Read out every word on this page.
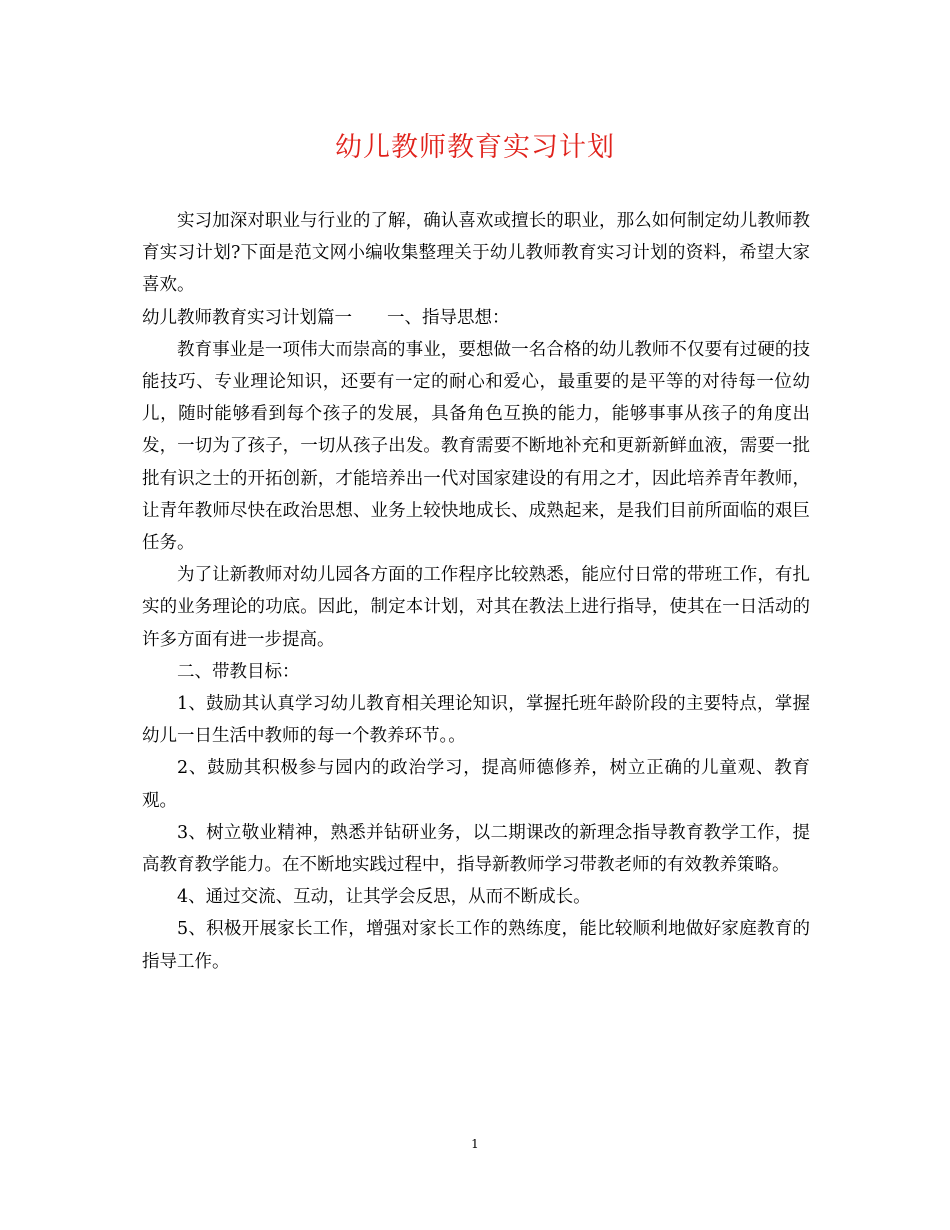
幼儿教师教育实习计划

实习加深对职业与行业的了解，确认喜欢或擅长的职业，那么如何制定幼儿教师教育实习计划?下面是范文网小编收集整理关于幼儿教师教育实习计划的资料，希望大家喜欢。

幼儿教师教育实习计划篇一　　一、指导思想：

教育事业是一项伟大而崇高的事业，要想做一名合格的幼儿教师不仅要有过硬的技能技巧、专业理论知识，还要有一定的耐心和爱心，最重要的是平等的对待每一位幼儿，随时能够看到每个孩子的发展，具备角色互换的能力，能够事事从孩子的角度出发，一切为了孩子，一切从孩子出发。教育需要不断地补充和更新新鲜血液，需要一批批有识之士的开拓创新，才能培养出一代对国家建设的有用之才，因此培养青年教师，让青年教师尽快在政治思想、业务上较快地成长、成熟起来，是我们目前所面临的艰巨任务。

为了让新教师对幼儿园各方面的工作程序比较熟悉，能应付日常的带班工作，有扎实的业务理论的功底。因此，制定本计划，对其在教法上进行指导，使其在一日活动的许多方面有进一步提高。

二、带教目标：

1、鼓励其认真学习幼儿教育相关理论知识，掌握托班年龄阶段的主要特点，掌握幼儿一日生活中教师的每一个教养环节。。

2、鼓励其积极参与园内的政治学习，提高师德修养，树立正确的儿童观、教育观。

3、树立敬业精神，熟悉并钻研业务，以二期课改的新理念指导教育教学工作，提高教育教学能力。在不断地实践过程中，指导新教师学习带教老师的有效教养策略。

4、通过交流、互动，让其学会反思，从而不断成长。

5、积极开展家长工作，增强对家长工作的熟练度，能比较顺利地做好家庭教育的指导工作。

1
